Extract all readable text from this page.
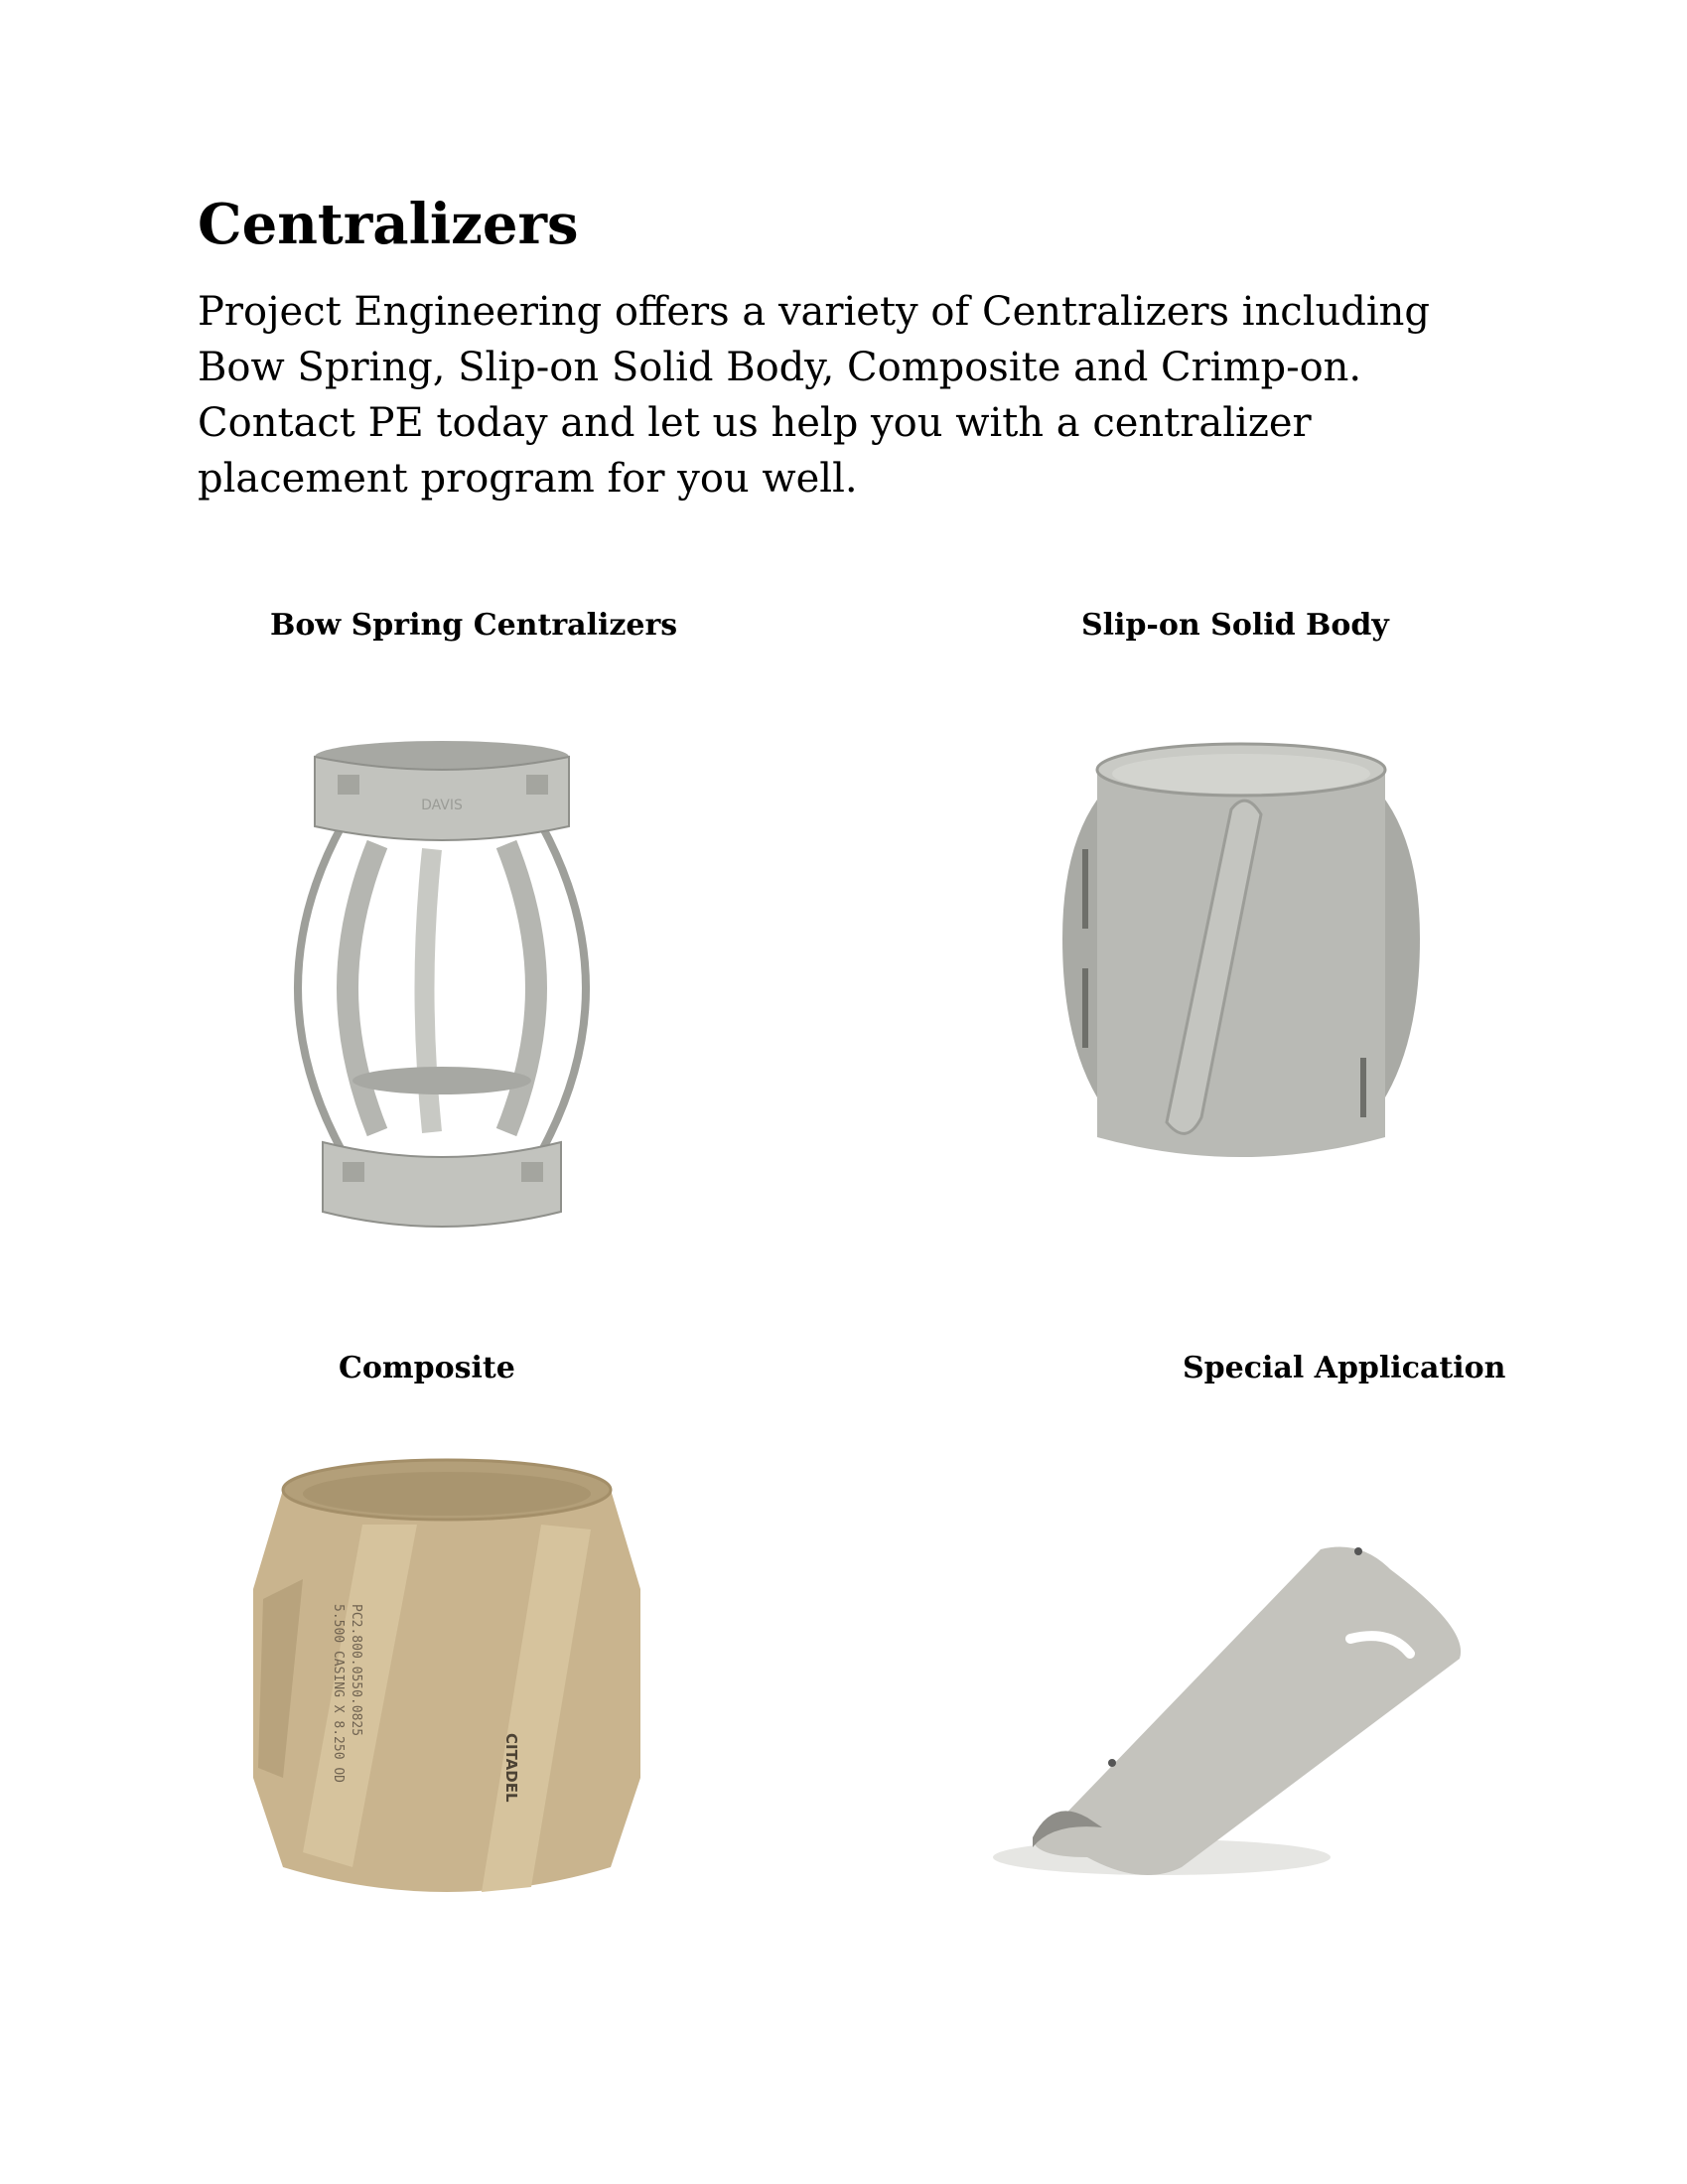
Centralizers

Project Engineering offers a variety of Centralizers including Bow Spring, Slip-on Solid Body, Composite and Crimp-on. Contact PE today and let us help you with a centralizer placement program for you well.

Bow Spring Centralizers
DAVIS
Slip-on Solid Body
Composite
PC2.800.0550.0825
5.500 CASING X 8.250 OD	CITADEL
Special Application
